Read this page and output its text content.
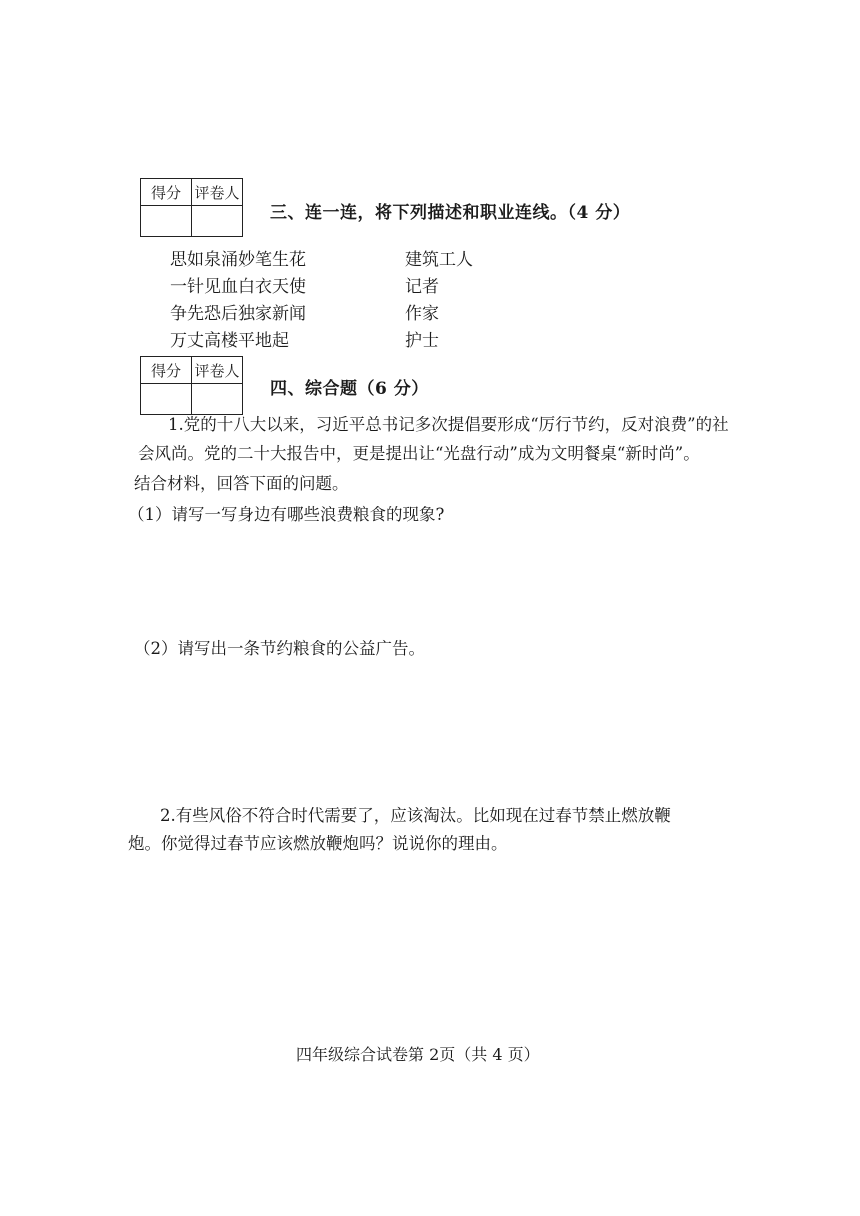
得分	评卷人

三、连一连，将下列描述和职业连线。（4 分）
思如泉涌妙笔生花
一针见血白衣天使
争先恐后独家新闻
万丈高楼平地起
建筑工人
记者
作家
护士
得分	评卷人

四、综合题（6 分）
1.党的十八大以来，习近平总书记多次提倡要形成“厉行节约，反对浪费”的社
会风尚。党的二十大报告中，更是提出让“光盘行动”成为文明餐桌“新时尚”。
结合材料，回答下面的问题。
（1）请写一写身边有哪些浪费粮食的现象?
（2）请写出一条节约粮食的公益广告。
2.有些风俗不符合时代需要了，应该淘汰。比如现在过春节禁止燃放鞭
炮。你觉得过春节应该燃放鞭炮吗？说说你的理由。
四年级综合试卷第 2页（共 4 页）
